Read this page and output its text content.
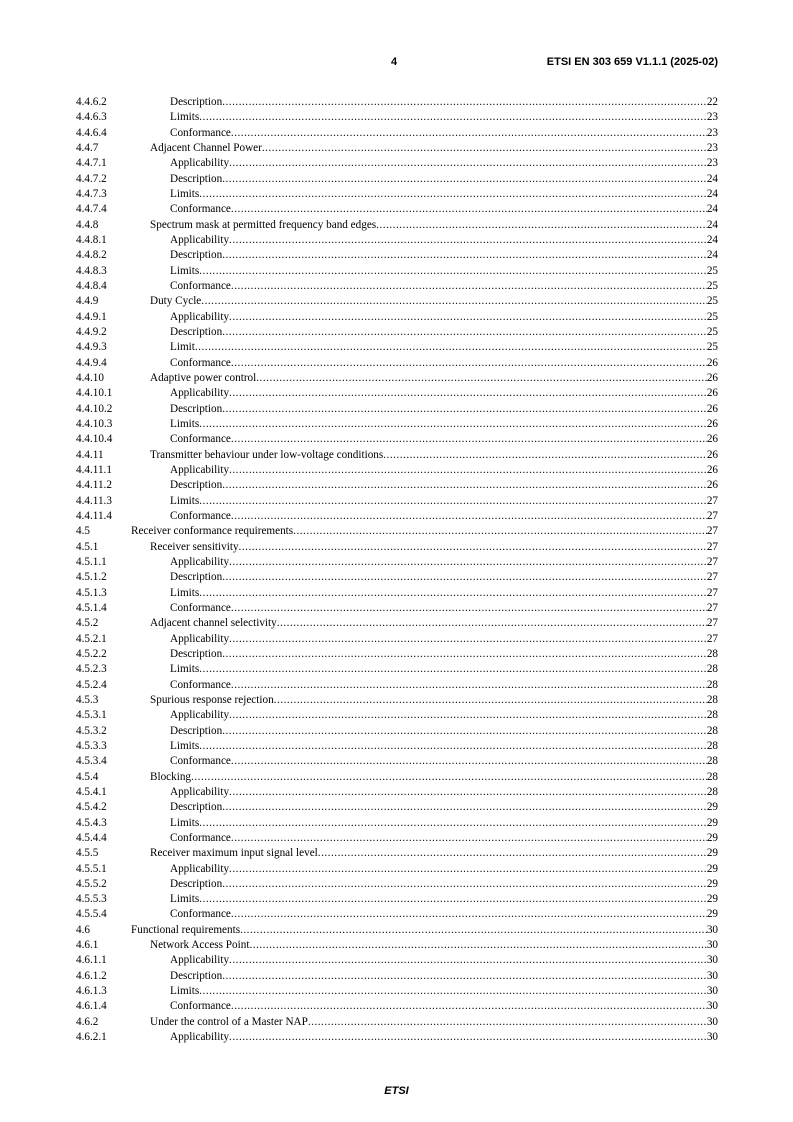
4	ETSI EN 303 659 V1.1.1 (2025-02)
4.4.6.2	Description .....	22
4.4.6.3	Limits .....	23
4.4.6.4	Conformance .....	23
4.4.7	Adjacent Channel Power .....	23
4.4.7.1	Applicability .....	23
4.4.7.2	Description .....	24
4.4.7.3	Limits .....	24
4.4.7.4	Conformance .....	24
4.4.8	Spectrum mask at permitted frequency band edges .....	24
4.4.8.1	Applicability .....	24
4.4.8.2	Description .....	24
4.4.8.3	Limits .....	25
4.4.8.4	Conformance .....	25
4.4.9	Duty Cycle .....	25
4.4.9.1	Applicability .....	25
4.4.9.2	Description .....	25
4.4.9.3	Limit .....	25
4.4.9.4	Conformance .....	26
4.4.10	Adaptive power control .....	26
4.4.10.1	Applicability .....	26
4.4.10.2	Description .....	26
4.4.10.3	Limits .....	26
4.4.10.4	Conformance .....	26
4.4.11	Transmitter behaviour under low-voltage conditions .....	26
4.4.11.1	Applicability .....	26
4.4.11.2	Description .....	26
4.4.11.3	Limits .....	27
4.4.11.4	Conformance .....	27
4.5	Receiver conformance requirements .....	27
4.5.1	Receiver sensitivity .....	27
4.5.1.1	Applicability .....	27
4.5.1.2	Description .....	27
4.5.1.3	Limits .....	27
4.5.1.4	Conformance .....	27
4.5.2	Adjacent channel selectivity .....	27
4.5.2.1	Applicability .....	27
4.5.2.2	Description .....	28
4.5.2.3	Limits .....	28
4.5.2.4	Conformance .....	28
4.5.3	Spurious response rejection .....	28
4.5.3.1	Applicability .....	28
4.5.3.2	Description .....	28
4.5.3.3	Limits .....	28
4.5.3.4	Conformance .....	28
4.5.4	Blocking .....	28
4.5.4.1	Applicability .....	28
4.5.4.2	Description .....	29
4.5.4.3	Limits .....	29
4.5.4.4	Conformance .....	29
4.5.5	Receiver maximum input signal level .....	29
4.5.5.1	Applicability .....	29
4.5.5.2	Description .....	29
4.5.5.3	Limits .....	29
4.5.5.4	Conformance .....	29
4.6	Functional requirements .....	30
4.6.1	Network Access Point .....	30
4.6.1.1	Applicability .....	30
4.6.1.2	Description .....	30
4.6.1.3	Limits .....	30
4.6.1.4	Conformance .....	30
4.6.2	Under the control of a Master NAP .....	30
4.6.2.1	Applicability .....	30
ETSI
